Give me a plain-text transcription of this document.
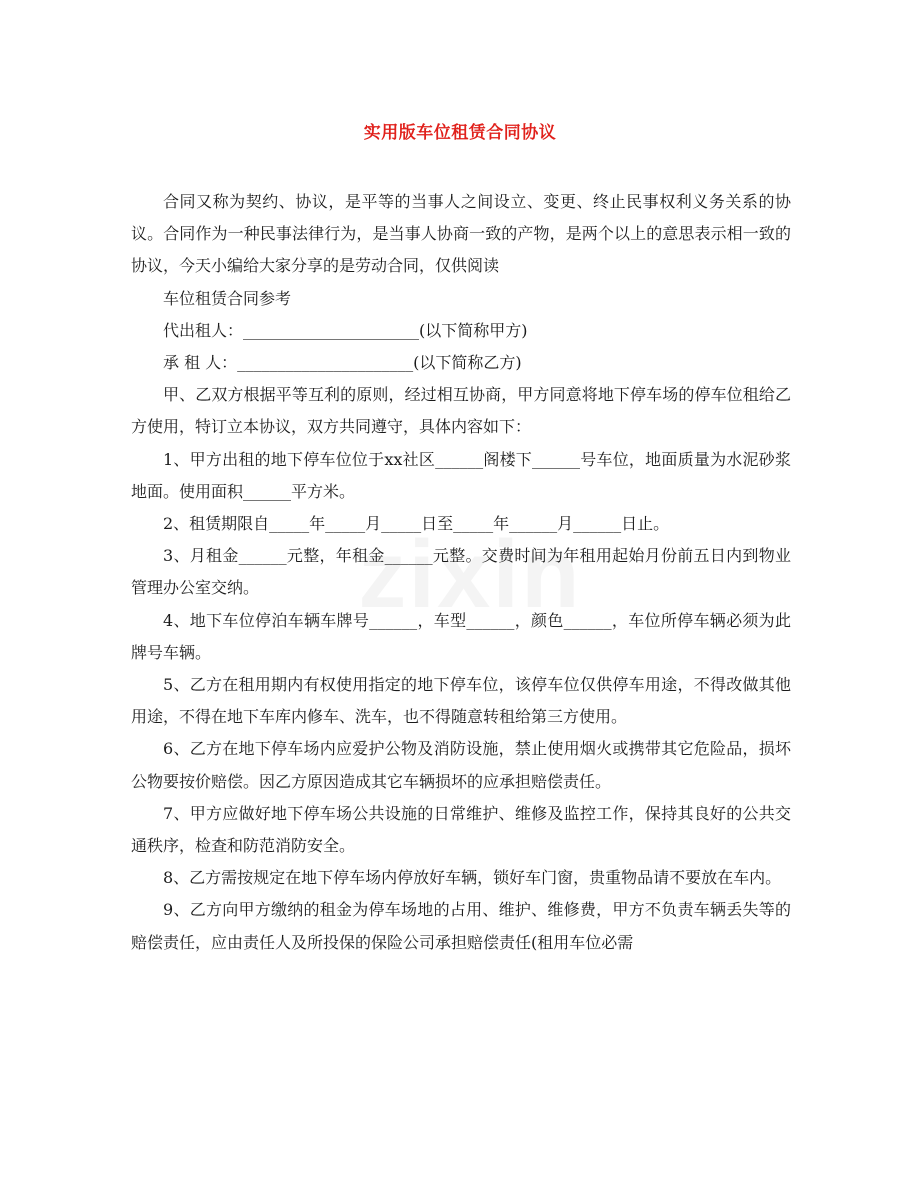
实用版车位租赁合同协议

合同又称为契约、协议，是平等的当事人之间设立、变更、终止民事权利义务关系的协议。合同作为一种民事法律行为，是当事人协商一致的产物，是两个以上的意思表示相一致的协议，今天小编给大家分享的是劳动合同，仅供阅读

车位租赁合同参考

代出租人：______________________(以下简称甲方)

承 租 人：______________________(以下简称乙方)

甲、乙双方根据平等互利的原则，经过相互协商，甲方同意将地下停车场的停车位租给乙方使用，特订立本协议，双方共同遵守，具体内容如下：

1、甲方出租的地下停车位位于xx社区______阁楼下______号车位，地面质量为水泥砂浆地面。使用面积______平方米。

2、租赁期限自_____年_____月_____日至_____年______月______日止。

3、月租金______元整，年租金______元整。交费时间为年租用起始月份前五日内到物业管理办公室交纳。

4、地下车位停泊车辆车牌号______，车型______，颜色______，车位所停车辆必须为此牌号车辆。

5、乙方在租用期内有权使用指定的地下停车位，该停车位仅供停车用途，不得改做其他用途，不得在地下车库内修车、洗车，也不得随意转租给第三方使用。

6、乙方在地下停车场内应爱护公物及消防设施，禁止使用烟火或携带其它危险品，损坏公物要按价赔偿。因乙方原因造成其它车辆损坏的应承担赔偿责任。

7、甲方应做好地下停车场公共设施的日常维护、维修及监控工作，保持其良好的公共交通秩序，检查和防范消防安全。

8、乙方需按规定在地下停车场内停放好车辆，锁好车门窗，贵重物品请不要放在车内。

9、乙方向甲方缴纳的租金为停车场地的占用、维护、维修费，甲方不负责车辆丢失等的赔偿责任，应由责任人及所投保的保险公司承担赔偿责任(租用车位必需
